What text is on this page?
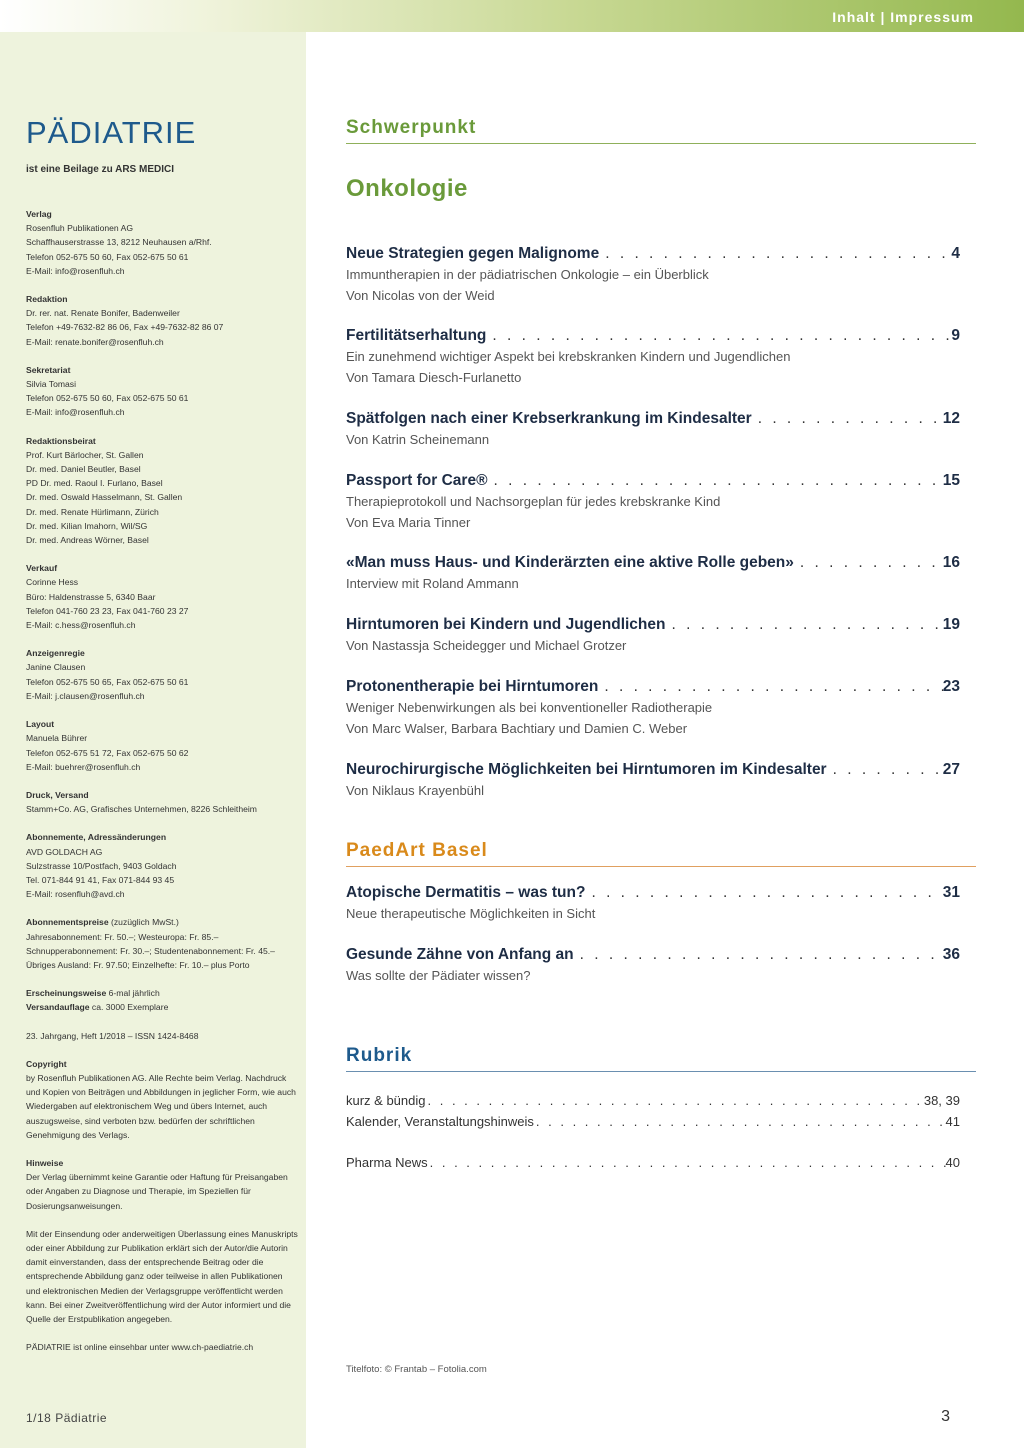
Inhalt | Impressum
PÄDIATRIE
ist eine Beilage zu ARS MEDICI
Verlag
Rosenfluh Publikationen AG
Schaffhauserstrasse 13, 8212 Neuhausen a/Rhf.
Telefon 052-675 50 60, Fax 052-675 50 61
E-Mail: info@rosenfluh.ch
Redaktion
Dr. rer. nat. Renate Bonifer, Badenweiler
Telefon +49-7632-82 86 06, Fax +49-7632-82 86 07
E-Mail: renate.bonifer@rosenfluh.ch
Sekretariat
Silvia Tomasi
Telefon 052-675 50 60, Fax 052-675 50 61
E-Mail: info@rosenfluh.ch
Redaktionsbeirat
Prof. Kurt Bärlocher, St. Gallen
Dr. med. Daniel Beutler, Basel
PD Dr. med. Raoul I. Furlano, Basel
Dr. med. Oswald Hasselmann, St. Gallen
Dr. med. Renate Hürlimann, Zürich
Dr. med. Kilian Imahorn, Wil/SG
Dr. med. Andreas Wörner, Basel
Verkauf
Corinne Hess
Büro: Haldenstrasse 5, 6340 Baar
Telefon 041-760 23 23, Fax 041-760 23 27
E-Mail: c.hess@rosenfluh.ch
Anzeigenregie
Janine Clausen
Telefon 052-675 50 65, Fax 052-675 50 61
E-Mail: j.clausen@rosenfluh.ch
Layout
Manuela Bührer
Telefon 052-675 51 72, Fax 052-675 50 62
E-Mail: buehrer@rosenfluh.ch
Druck, Versand
Stamm+Co. AG, Grafisches Unternehmen, 8226 Schleitheim
Abonnemente, Adressänderungen
AVD GOLDACH AG
Sulzstrasse 10/Postfach, 9403 Goldach
Tel. 071-844 91 41, Fax 071-844 93 45
E-Mail: rosenfluh@avd.ch
Abonnementspreise (zuzüglich MwSt.)
Jahresabonnement: Fr. 50.–; Westeuropa: Fr. 85.–
Schnupperabonnement: Fr. 30.–; Studentenabonnement: Fr. 45.–
Übriges Ausland: Fr. 97.50; Einzelhefte: Fr. 10.– plus Porto
Erscheinungsweise 6-mal jährlich
Versandauflage ca. 3000 Exemplare
23. Jahrgang, Heft 1/2018 – ISSN 1424-8468
Copyright
by Rosenfluh Publikationen AG. Alle Rechte beim Verlag. Nachdruck und Kopien von Beiträgen und Abbildungen in jeglicher Form, wie auch Wiedergaben auf elektronischem Weg und übers Internet, auch auszugsweise, sind verboten bzw. bedürfen der schriftlichen Genehmigung des Verlags.
Hinweise
Der Verlag übernimmt keine Garantie oder Haftung für Preisangaben oder Angaben zu Diagnose und Therapie, im Speziellen für Dosierungsanweisungen.
Mit der Einsendung oder anderweitigen Überlassung eines Manuskripts oder einer Abbildung zur Publikation erklärt sich der Autor/die Autorin damit einverstanden, dass der entsprechende Beitrag oder die entsprechende Abbildung ganz oder teilweise in allen Publikationen und elektronischen Medien der Verlagsgruppe veröffentlicht werden kann. Bei einer Zweitveröffentlichung wird der Autor informiert und die Quelle der Erstpublikation angegeben.
PÄDIATRIE ist online einsehbar unter www.ch-paediatrie.ch
1/18 Pädiatrie
Schwerpunkt
Onkologie
Neue Strategien gegen Malignome . . .	4
Immuntherapien in der pädiatrischen Onkologie – ein Überblick
Von Nicolas von der Weid
Fertilitätserhaltung . . .	9
Ein zunehmend wichtiger Aspekt bei krebskranken Kindern und Jugendlichen
Von Tamara Diesch-Furlanetto
Spätfolgen nach einer Krebserkrankung im Kindesalter . . .	12
Von Katrin Scheinemann
Passport for Care® . . .	15
Therapieprotokoll und Nachsorgeplan für jedes krebskranke Kind
Von Eva Maria Tinner
«Man muss Haus- und Kinderärzten eine aktive Rolle geben» . . .	16
Interview mit Roland Ammann
Hirntumoren bei Kindern und Jugendlichen . . .	19
Von Nastassja Scheidegger und Michael Grotzer
Protonentherapie bei Hirntumoren . . .	23
Weniger Nebenwirkungen als bei konventioneller Radiotherapie
Von Marc Walser, Barbara Bachtiary und Damien C. Weber
Neurochirurgische Möglichkeiten bei Hirntumoren im Kindesalter . . .	27
Von Niklaus Krayenbühl
Atopische Dermatitis – was tun? . . .	31
Neue therapeutische Möglichkeiten in Sicht
Gesunde Zähne von Anfang an . . .	36
Was sollte der Pädiater wissen?
kurz & bündig . . .	38, 39
Kalender, Veranstaltungshinweis . . .	41
Pharma News . . .	40
PaedArt Basel
Rubrik
Titelfoto: © Frantab – Fotolia.com
3
